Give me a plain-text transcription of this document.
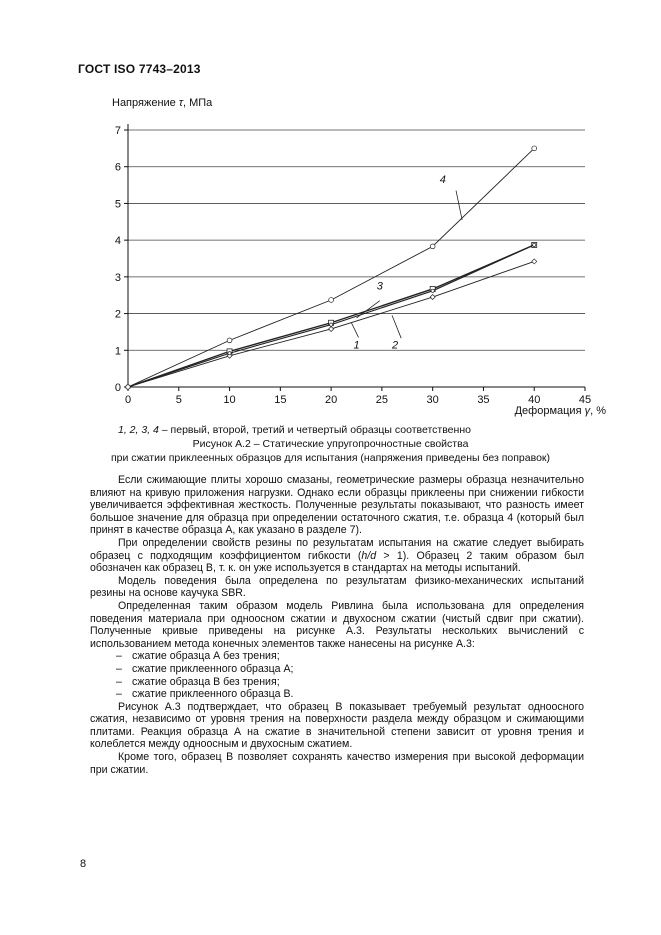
ГОСТ ISO 7743–2013
0
1
2
3
4
5
6
7
0	5	10	15	20	25	30	35	40	45
1	2
3
4
Напряжение τ, МПа
Деформация γ, %
1, 2, 3, 4 – первый, второй, третий и четвертый образцы соответственно
Рисунок А.2 – Статические упругопрочностные свойства
при сжатии приклеенных образцов для испытания (напряжения приведены без поправок)

Если сжимающие плиты хорошо смазаны, геометрические размеры образца незначительно влияют на кривую приложения нагрузки. Однако если образцы приклеены при снижении гибкости увеличивается эффективная жесткость. Полученные результаты показывают, что разность имеет большое значение для образца при определении остаточного сжатия, т.е. образца 4 (который был принят в качестве образца А, как указано в разделе 7).

При определении свойств резины по результатам испытания на сжатие следует выбирать образец с подходящим коэффициентом гибкости (h/d > 1). Образец 2 таким образом был обозначен как образец В, т. к. он уже используется в стандартах на методы испытаний.

Модель поведения была определена по результатам физико-механических испытаний резины на основе каучука SBR.

Определенная таким образом модель Ривлина была использована для определения поведения материала при одноосном сжатии и двухосном сжатии (чистый сдвиг при сжатии). Полученные кривые приведены на рисунке А.3. Результаты нескольких вычислений с использованием метода конечных элементов также нанесены на рисунке А.3:

– сжатие образца А без трения;
– сжатие приклеенного образца А;
– сжатие образца В без трения;
– сжатие приклеенного образца В.

Рисунок А.3 подтверждает, что образец В показывает требуемый результат одноосного сжатия, независимо от уровня трения на поверхности раздела между образцом и сжимающими плитами. Реакция образца А на сжатие в значительной степени зависит от уровня трения и колеблется между одноосным и двухосным сжатием.

Кроме того, образец В позволяет сохранять качество измерения при высокой деформации при сжатии.

8
